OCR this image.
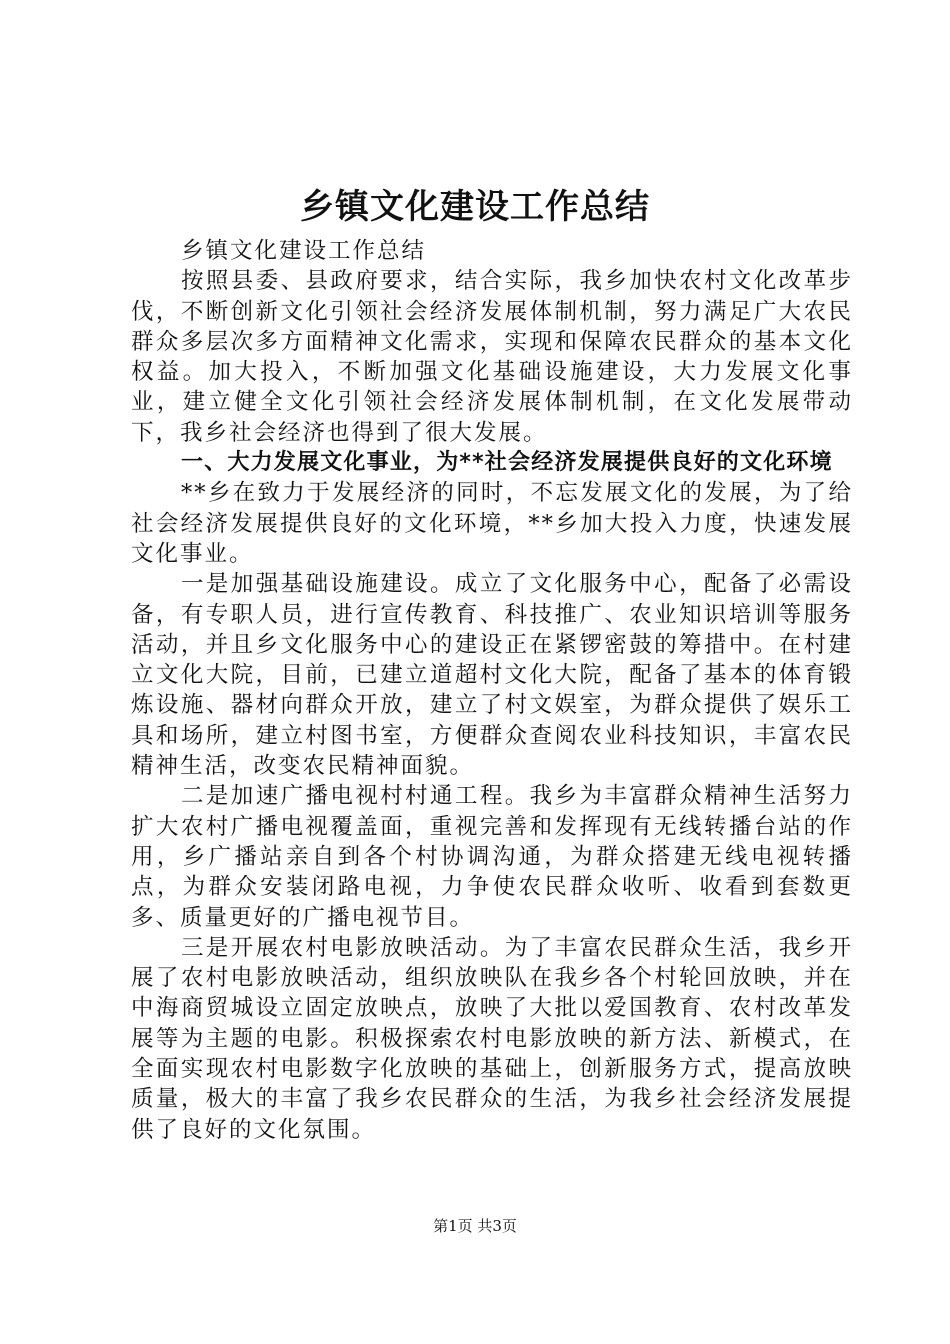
乡镇文化建设工作总结

乡镇文化建设工作总结

按照县委、县政府要求，结合实际，我乡加快农村文化改革步伐，不断创新文化引领社会经济发展体制机制，努力满足广大农民群众多层次多方面精神文化需求，实现和保障农民群众的基本文化权益。加大投入，不断加强文化基础设施建设，大力发展文化事业，建立健全文化引领社会经济发展体制机制，在文化发展带动下，我乡社会经济也得到了很大发展。

一、大力发展文化事业，为**社会经济发展提供良好的文化环境

**乡在致力于发展经济的同时，不忘发展文化的发展，为了给社会经济发展提供良好的文化环境，**乡加大投入力度，快速发展文化事业。

一是加强基础设施建设。成立了文化服务中心，配备了必需设备，有专职人员，进行宣传教育、科技推广、农业知识培训等服务活动，并且乡文化服务中心的建设正在紧锣密鼓的筹措中。在村建立文化大院，目前，已建立道超村文化大院，配备了基本的体育锻炼设施、器材向群众开放，建立了村文娱室，为群众提供了娱乐工具和场所，建立村图书室，方便群众查阅农业科技知识，丰富农民精神生活，改变农民精神面貌。

二是加速广播电视村村通工程。我乡为丰富群众精神生活努力扩大农村广播电视覆盖面，重视完善和发挥现有无线转播台站的作用，乡广播站亲自到各个村协调沟通，为群众搭建无线电视转播点，为群众安装闭路电视，力争使农民群众收听、收看到套数更多、质量更好的广播电视节目。

三是开展农村电影放映活动。为了丰富农民群众生活，我乡开展了农村电影放映活动，组织放映队在我乡各个村轮回放映，并在中海商贸城设立固定放映点，放映了大批以爱国教育、农村改革发展等为主题的电影。积极探索农村电影放映的新方法、新模式，在全面实现农村电影数字化放映的基础上，创新服务方式，提高放映质量，极大的丰富了我乡农民群众的生活，为我乡社会经济发展提供了良好的文化氛围。

第1页 共3页
